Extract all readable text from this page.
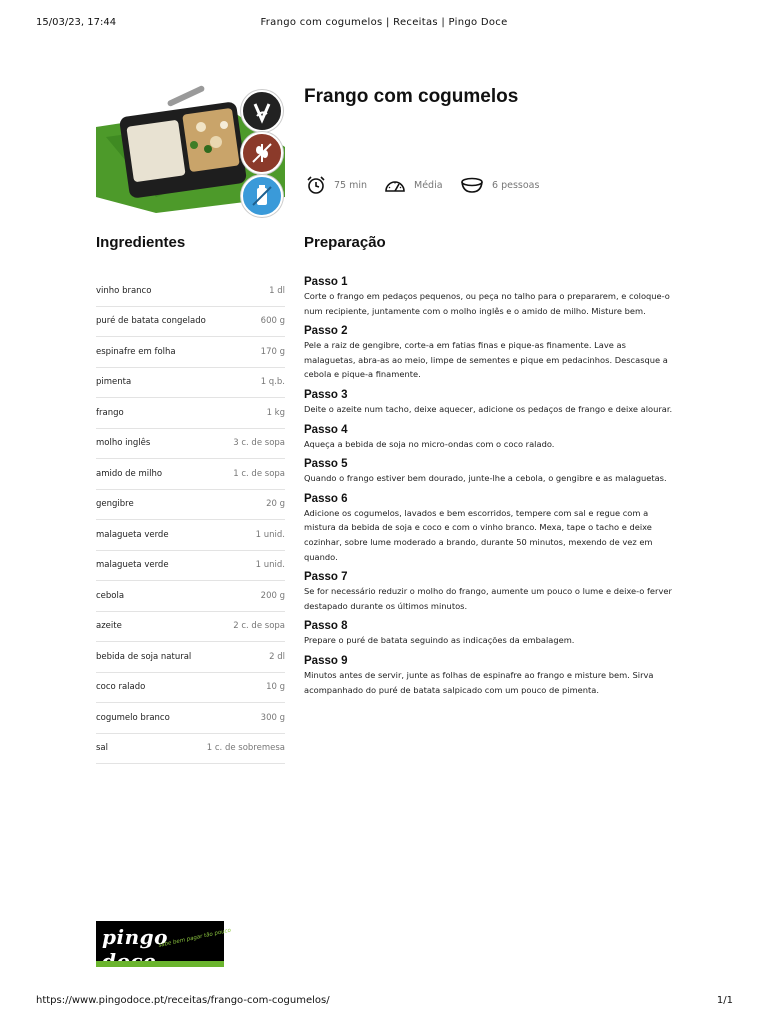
15/03/23, 17:44	Frango com cogumelos | Receitas | Pingo Doce
Frango com cogumelos
75 min	Média	6 pessoas
Ingredientes
vinho branco	1 dl
puré de batata congelado	600 g
espinafre em folha	170 g
pimenta	1 q.b.
frango	1 kg
molho inglês	3 c. de sopa
amido de milho	1 c. de sopa
gengibre	20 g
malagueta verde	1 unid.
malagueta verde	1 unid.
cebola	200 g
azeite	2 c. de sopa
bebida de soja natural	2 dl
coco ralado	10 g
cogumelo branco	300 g
sal	1 c. de sobremesa
Preparação
Passo 1
Corte o frango em pedaços pequenos, ou peça no talho para o prepararem, e coloque-o num recipiente, juntamente com o molho inglês e o amido de milho. Misture bem.
Passo 2
Pele a raiz de gengibre, corte-a em fatias finas e pique-as finamente. Lave as malaguetas, abra-as ao meio, limpe de sementes e pique em pedacinhos. Descasque a cebola e pique-a finamente.
Passo 3
Deite o azeite num tacho, deixe aquecer, adicione os pedaços de frango e deixe alourar.
Passo 4
Aqueça a bebida de soja no micro-ondas com o coco ralado.
Passo 5
Quando o frango estiver bem dourado, junte-lhe a cebola, o gengibre e as malaguetas.
Passo 6
Adicione os cogumelos, lavados e bem escorridos, tempere com sal e regue com a mistura da bebida de soja e coco e com o vinho branco. Mexa, tape o tacho e deixe cozinhar, sobre lume moderado a brando, durante 50 minutos, mexendo de vez em quando.
Passo 7
Se for necessário reduzir o molho do frango, aumente um pouco o lume e deixe-o ferver destapado durante os últimos minutos.
Passo 8
Prepare o puré de batata seguindo as indicações da embalagem.
Passo 9
Minutos antes de servir, junte as folhas de espinafre ao frango e misture bem. Sirva acompanhado do puré de batata salpicado com um pouco de pimenta.
pingo
sabe bem pagar tão pouco
https://www.pingodoce.pt/receitas/frango-com-cogumelos/	1/1
